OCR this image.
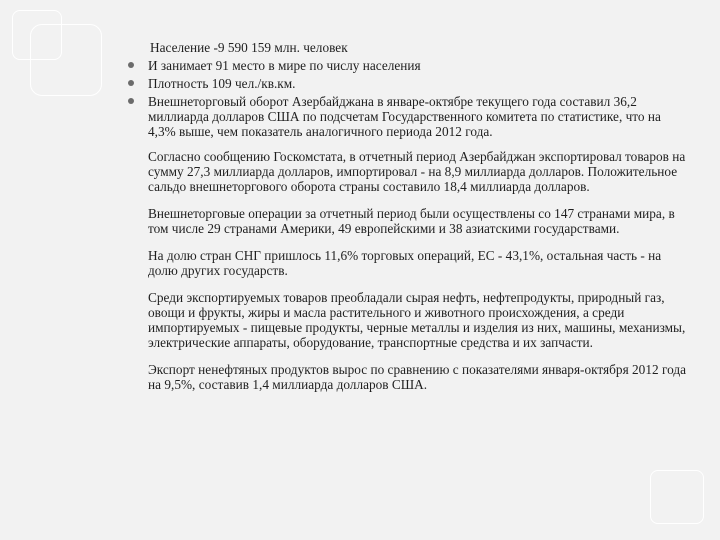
Население -9 590 159 млн. человек
И занимает 91 место в мире по числу населения
Плотность 109 чел./кв.км.
Внешнеторговый оборот Азербайджана в январе-октябре текущего года составил 36,2 миллиарда долларов США по подсчетам Государственного комитета по статистике, что на 4,3% выше, чем показатель аналогичного периода 2012 года.

Согласно сообщению Госкомстата, в отчетный период Азербайджан экспортировал товаров на сумму 27,3 миллиарда долларов, импортировал - на 8,9 миллиарда долларов. Положительное сальдо внешнеторгового оборота страны составило 18,4 миллиарда долларов.

Внешнеторговые операции за отчетный период были осуществлены со 147 странами мира, в том числе 29 странами Америки, 49 европейскими и 38 азиатскими государствами.

На долю стран СНГ пришлось 11,6% торговых операций, ЕС - 43,1%, остальная часть - на долю других государств.

Среди экспортируемых товаров преобладали сырая нефть, нефтепродукты, природный газ, овощи и фрукты, жиры и масла растительного и животного происхождения, а среди импортируемых - пищевые продукты, черные металлы и изделия из них, машины, механизмы, электрические аппараты, оборудование, транспортные средства и их запчасти.

Экспорт ненефтяных продуктов вырос по сравнению с показателями января-октября 2012 года на 9,5%, составив 1,4 миллиарда долларов США.
